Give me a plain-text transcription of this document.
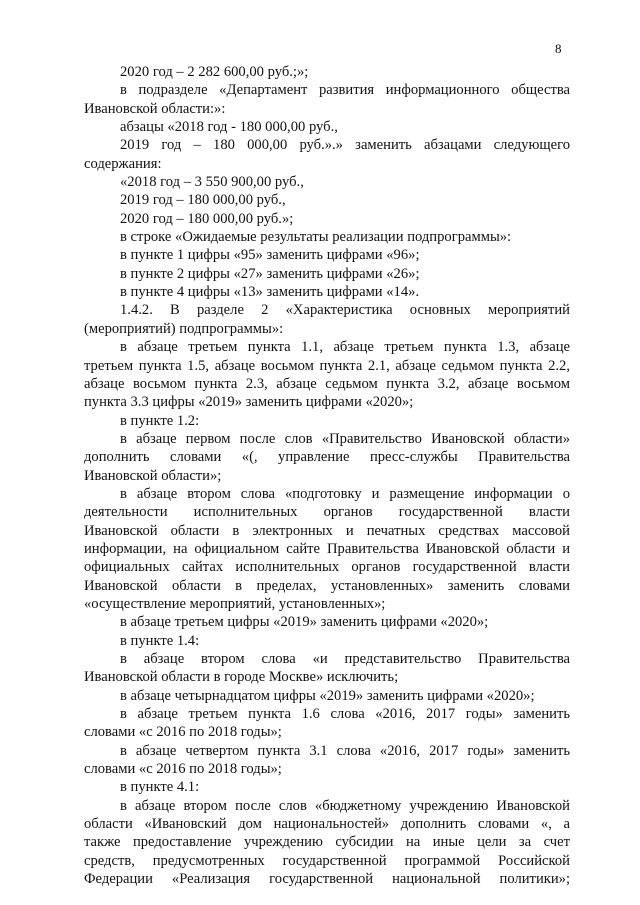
8
2020 год – 2 282 600,00 руб.;»;
в подразделе «Департамент развития информационного общества
Ивановской области:»:
абзацы «2018 год - 180 000,00 руб.,
2019 год – 180 000,00 руб.».» заменить абзацами следующего
содержания:
«2018 год – 3 550 900,00 руб.,
2019 год – 180 000,00 руб.,
2020 год – 180 000,00 руб.»;
в строке «Ожидаемые результаты реализации подпрограммы»:
в пункте 1 цифры «95» заменить цифрами «96»;
в пункте 2 цифры «27» заменить цифрами «26»;
в пункте 4 цифры «13» заменить цифрами «14».
1.4.2. В разделе 2 «Характеристика основных мероприятий
(мероприятий) подпрограммы»:
в абзаце третьем пункта 1.1, абзаце третьем пункта 1.3, абзаце
третьем пункта 1.5, абзаце восьмом пункта 2.1, абзаце седьмом пункта 2.2,
абзаце восьмом пункта 2.3, абзаце седьмом пункта 3.2, абзаце восьмом
пункта 3.3 цифры «2019» заменить цифрами «2020»;
в пункте 1.2:
в абзаце первом после слов «Правительство Ивановской области»
дополнить словами «(, управление пресс-службы Правительства
Ивановской области»;
в абзаце втором слова «подготовку и размещение информации о
деятельности исполнительных органов государственной власти
Ивановской области в электронных и печатных средствах массовой
информации, на официальном сайте Правительства Ивановской области и
официальных сайтах исполнительных органов государственной власти
Ивановской области в пределах, установленных» заменить словами
«осуществление мероприятий, установленных»;
в абзаце третьем цифры «2019» заменить цифрами «2020»;
в пункте 1.4:
в абзаце втором слова «и представительство Правительства
Ивановской области в городе Москве» исключить;
в абзаце четырнадцатом цифры «2019» заменить цифрами «2020»;
в абзаце третьем пункта 1.6 слова «2016, 2017 годы» заменить
словами «с 2016 по 2018 годы»;
в абзаце четвертом пункта 3.1 слова «2016, 2017 годы» заменить
словами «с 2016 по 2018 годы»;
в пункте 4.1:
в абзаце втором после слов «бюджетному учреждению Ивановской
области «Ивановский дом национальностей» дополнить словами «, а
также предоставление учреждению субсидии на иные цели за счет
средств, предусмотренных государственной программой Российской
Федерации «Реализация государственной национальной политики»;
